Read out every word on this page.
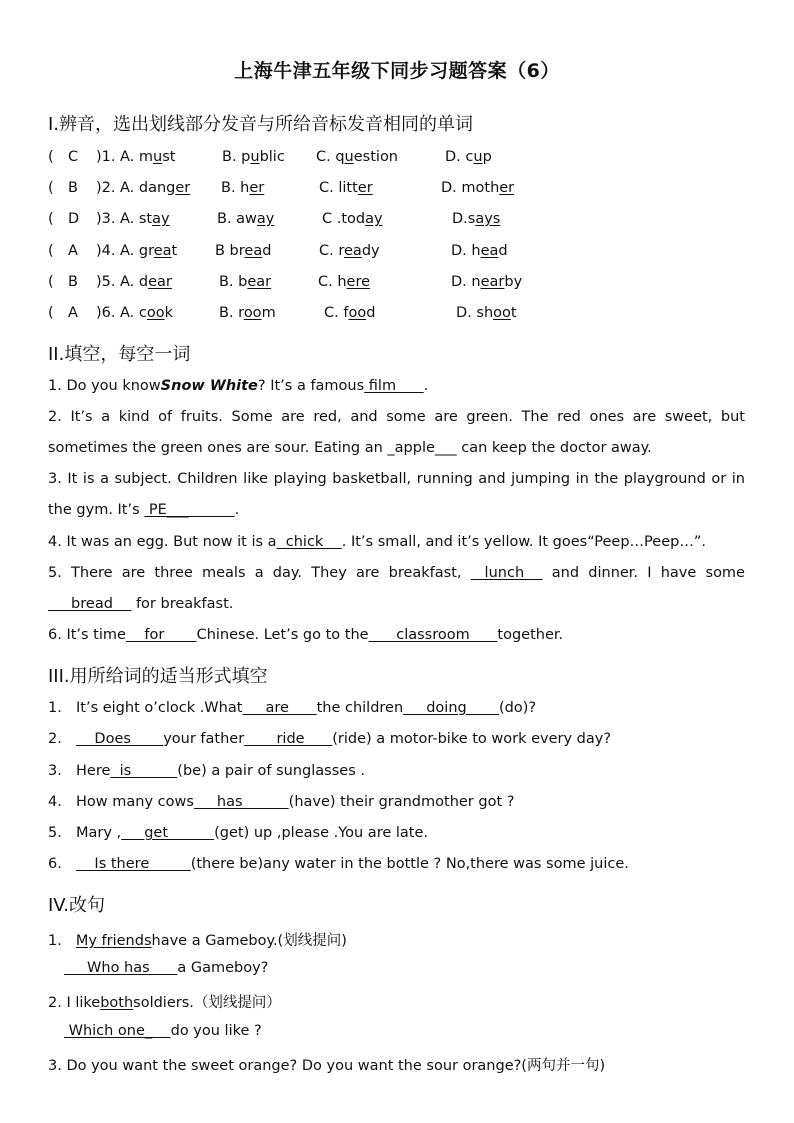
上海牛津五年级下同步习题答案（6）
I.辨音，选出划线部分发音与所给音标发音相同的单词
( C )1. A. must	B. public C. question	D. cup
( B )2. A. danger B. her	C. litter	D. mother
( D )3. A. stay	B. away	C .today	D.says
( A )4. A. great	B bread	C. ready	D. head
( B )5. A. dear	B. bear	C. here	D. nearby
( A )6. A. cook	B. room	C. food	D. shoot
II.填空，每空一词
1. Do you knowSnow White? It’s a famous film      .
2. It’s a kind of fruits. Some are red, and some are green. The red ones are sweet, but sometimes the green ones are sour. Eating an _apple___ can keep the doctor away.
3. It is a subject. Children like playing basketball, running and jumping in the playground or in the gym. It’s  PE___          .
4. It was an egg. But now it is a  chick    . It’s small, and it’s yellow. It goes“Peep…Peep…”.
5. There are three meals a day. They are breakfast,    lunch     and dinner. I have some      bread     for breakfast.
6. It’s time    for       Chinese. Let’s go to the      classroom      together.
III.用所给词的适当形式填空
1. It’s eight o’clock .What     are      the children     doing       (do)?
2.    Does       your father       ride      (ride) a motor-bike to work every day?
3. Here  is          (be) a pair of sunglasses .
4. How many cows     has          (have) their grandmother got ?
5. Mary ,     get          (get) up ,please .You are late.
6.    Is there         (there be)any water in the bottle ? No,there was some juice.
IV.改句
1. My friendshave a Gameboy.(划线提问)
Who has      a Gameboy?
2. I likebothsoldiers.（划线提问）
Which one_    do you like ?
3. Do you want the sweet orange? Do you want the sour orange?(两句并一句)
